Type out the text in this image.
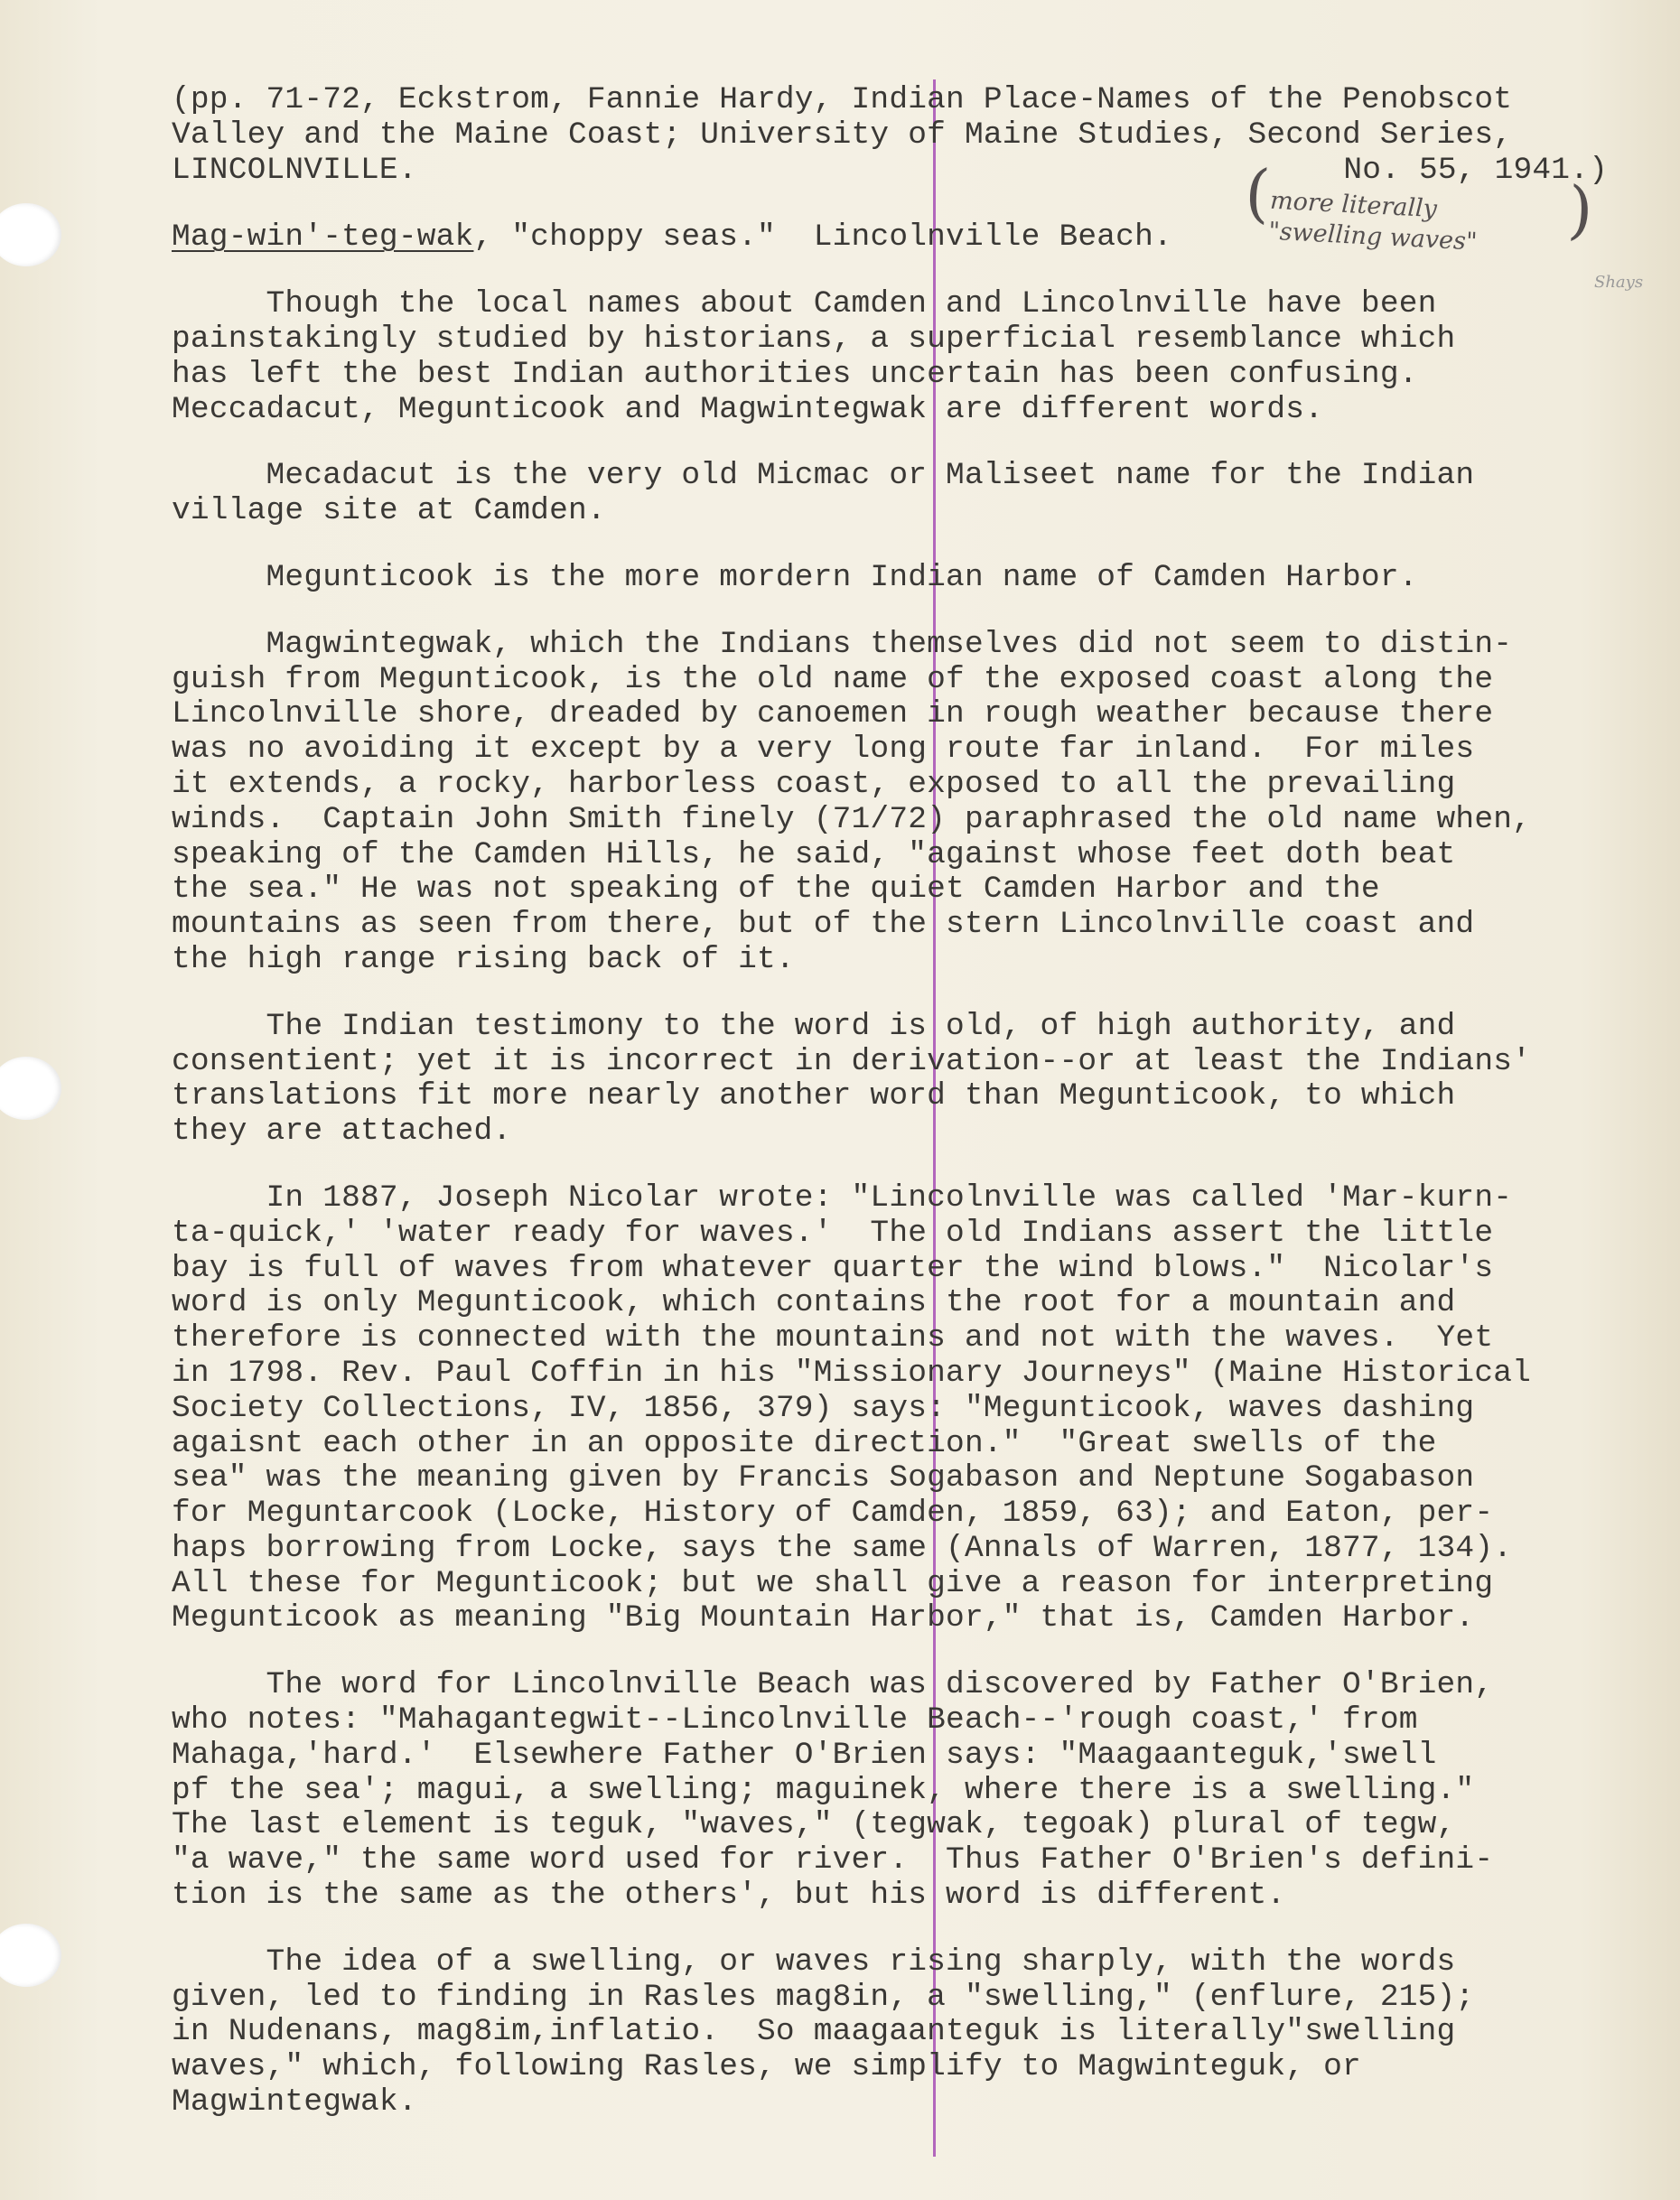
(
more literally
"swelling waves"	)
Shays
(pp. 71-72, Eckstrom, Fannie Hardy, Indian Place-Names of the Penobscot
Valley and the Maine Coast; University of Maine Studies, Second Series,
LINCOLNVILLE.	No. 55, 1941.)
Mag-win'-teg-wak, "choppy seas."  Lincolnville Beach.
Though the local names about Camden and Lincolnville have been
painstakingly studied by historians, a superficial resemblance which
has left the best Indian authorities uncertain has been confusing.
Meccadacut, Megunticook and Magwintegwak are different words.
Mecadacut is the very old Micmac or Maliseet name for the Indian
village site at Camden.
Megunticook is the more mordern Indian name of Camden Harbor.
Magwintegwak, which the Indians themselves did not seem to distin-
guish from Megunticook, is the old name of the exposed coast along the
Lincolnville shore, dreaded by canoemen in rough weather because there
was no avoiding it except by a very long route far inland.  For miles
it extends, a rocky, harborless coast, exposed to all the prevailing
winds.  Captain John Smith finely (71/72) paraphrased the old name when,
speaking of the Camden Hills, he said, "against whose feet doth beat
the sea." He was not speaking of the quiet Camden Harbor and the
mountains as seen from there, but of the stern Lincolnville coast and
the high range rising back of it.
The Indian testimony to the word is old, of high authority, and
consentient; yet it is incorrect in derivation--or at least the Indians'
translations fit more nearly another word than Megunticook, to which
they are attached.
In 1887, Joseph Nicolar wrote: "Lincolnville was called 'Mar-kurn-
ta-quick,' 'water ready for waves.'  The old Indians assert the little
bay is full of waves from whatever quarter the wind blows."  Nicolar's
word is only Megunticook, which contains the root for a mountain and
therefore is connected with the mountains and not with the waves.  Yet
in 1798. Rev. Paul Coffin in his "Missionary Journeys" (Maine Historical
Society Collections, IV, 1856, 379) says: "Megunticook, waves dashing
agaisnt each other in an opposite direction."  "Great swells of the
sea" was the meaning given by Francis Sogabason and Neptune Sogabason
for Meguntarcook (Locke, History of Camden, 1859, 63); and Eaton, per-
haps borrowing from Locke, says the same (Annals of Warren, 1877, 134).
All these for Megunticook; but we shall give a reason for interpreting
Megunticook as meaning "Big Mountain Harbor," that is, Camden Harbor.
The word for Lincolnville Beach was discovered by Father O'Brien,
who notes: "Mahagantegwit--Lincolnville Beach--'rough coast,' from
Mahaga,'hard.'  Elsewhere Father O'Brien says: "Maagaanteguk,'swell
pf the sea'; magui, a swelling; maguinek, where there is a swelling."
The last element is teguk, "waves," (tegwak, tegoak) plural of tegw,
"a wave," the same word used for river.  Thus Father O'Brien's defini-
tion is the same as the others', but his word is different.
The idea of a swelling, or waves rising sharply, with the words
given, led to finding in Rasles mag8in, a "swelling," (enflure, 215);
in Nudenans, mag8im,inflatio.  So maagaanteguk is literally"swelling
waves," which, following Rasles, we simplify to Magwinteguk, or
Magwintegwak.
